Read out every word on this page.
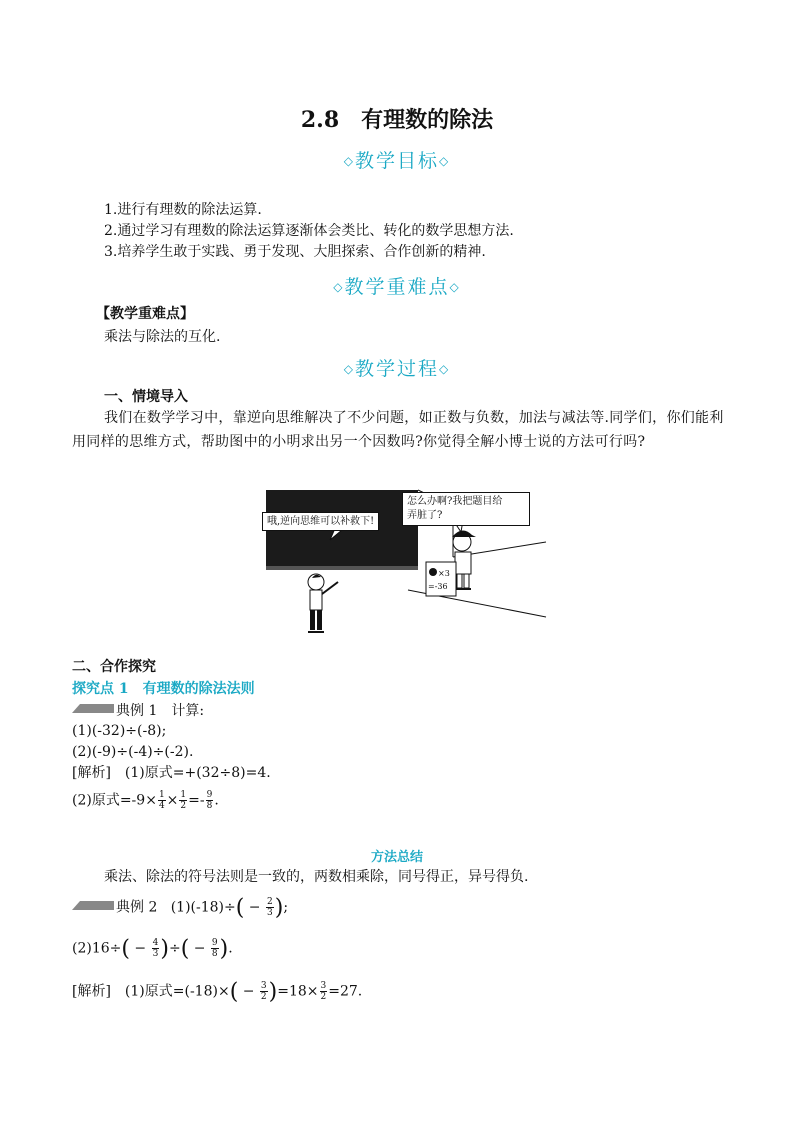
2.8　有理数的除法
◇教学目标◇
1.进行有理数的除法运算.
2.通过学习有理数的除法运算逐渐体会类比、转化的数学思想方法.
3.培养学生敢于实践、勇于发现、大胆探索、合作创新的精神.
◇教学重难点◇
【教学重难点】
乘法与除法的互化.
◇教学过程◇
一、情境导入
我们在数学学习中，靠逆向思维解决了不少问题，如正数与负数，加法与减法等.同学们，你们能利用同样的思维方式，帮助图中的小明求出另一个因数吗?你觉得全解小博士说的方法可行吗?
哦,逆向思维可以补救下!
怎么办啊?我把题目给
弄脏了?
×3
=-36
二、合作探究
探究点 1　有理数的除法法则
典例 1　计算:
(1)(-32)÷(-8);
(2)(-9)÷(-4)÷(-2).
[解析]　(1)原式=+(32÷8)=4.
(2)原式$=-9\times \frac{1}{4} \times \frac{1}{2} =- \frac{9}{8}$ .
方法总结
乘法、除法的符号法则是一致的，两数相乘除，同号得正，异号得负.
典例 2 $(1)(-18)\div( - \frac{2}{3}$ );
$(2)16\div( - \frac{4}{3}$ )÷( − $\frac{9}{8}$ ).
[解析]　(1)原式$=(-18)\times( - \frac{3}{2} )=18\times \frac{3}{2} =27$.
